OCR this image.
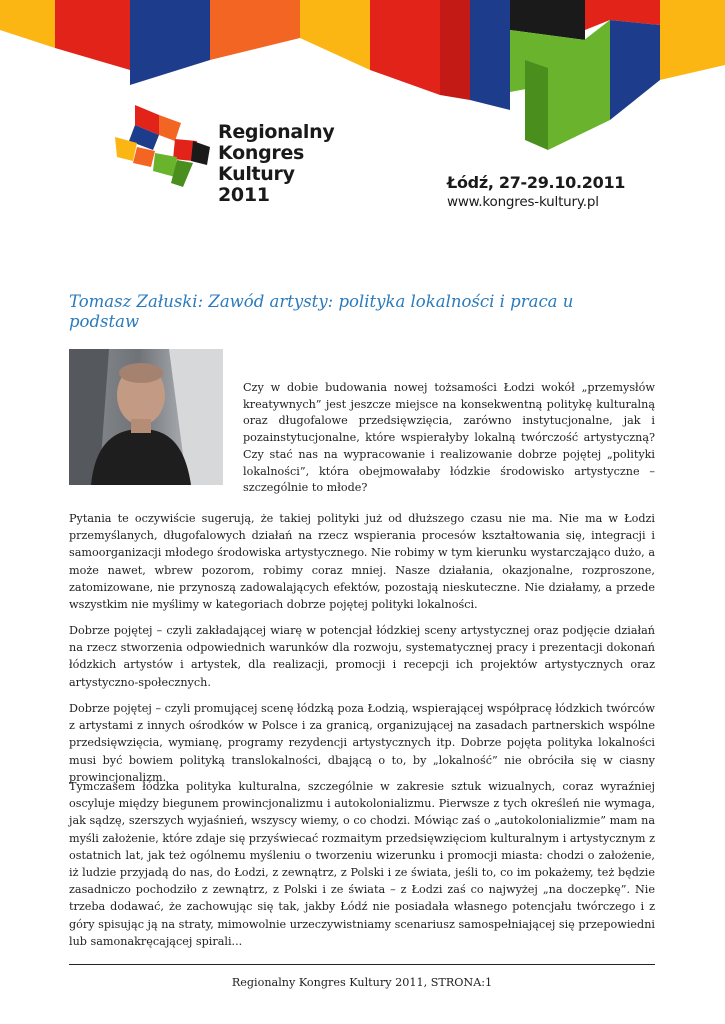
Regionalny
Kongres
Kultury
2011
Łódź, 27-29.10.2011
www.kongres-kultury.pl
Tomasz Załuski: Zawód artysty: polityka lokalności i praca u podstaw

Czy w dobie budowania nowej tożsamości Łodzi wokół „przemysłów kreatywnych” jest jeszcze miejsce na konsekwentną politykę kulturalną oraz długofalowe przedsięwzięcia, zarówno instytucjonalne, jak i pozainstytucjonalne, które wspierałyby lokalną twórczość artystyczną? Czy stać nas na wypracowanie i realizowanie dobrze pojętej „polityki lokalności”, która obejmowałaby łódzkie środowisko artystyczne – szczególnie to młode?

Pytania te oczywiście sugerują, że takiej polityki już od dłuższego czasu nie ma. Nie ma w Łodzi przemyślanych, długofalowych działań na rzecz wspierania procesów kształtowania się, integracji i samoorganizacji młodego środowiska artystycznego. Nie robimy w tym kierunku wystarczająco dużo, a może nawet, wbrew pozorom, robimy coraz mniej. Nasze działania, okazjonalne, rozproszone, zatomizowane, nie przynoszą zadowalających efektów, pozostają nieskuteczne. Nie działamy, a przede wszystkim nie myślimy w kategoriach dobrze pojętej polityki lokalności.

Dobrze pojętej – czyli zakładającej wiarę w potencjał łódzkiej sceny artystycznej oraz podjęcie działań na rzecz stworzenia odpowiednich warunków dla rozwoju, systematycznej pracy i prezentacji dokonań łódzkich artystów i artystek, dla realizacji, promocji i recepcji ich projektów artystycznych oraz artystyczno-społecznych.

Dobrze pojętej – czyli promującej scenę łódzką poza Łodzią, wspierającej współpracę łódzkich twórców z artystami z innych ośrodków w Polsce i za granicą, organizującej na zasadach partnerskich wspólne przedsięwzięcia, wymianę, programy rezydencji artystycznych itp. Dobrze pojęta polityka lokalności musi być bowiem polityką translokalności, dbającą o to, by „lokalność” nie obróciła się w ciasny prowincjonalizm.

Tymczasem łódzka polityka kulturalna, szczególnie w zakresie sztuk wizualnych, coraz wyraźniej oscyluje między biegunem prowincjonalizmu i autokolonializmu. Pierwsze z tych określeń nie wymaga, jak sądzę, szerszych wyjaśnień, wszyscy wiemy, o co chodzi. Mówiąc zaś o „autokolonializmie” mam na myśli założenie, które zdaje się przyświecać rozmaitym przedsięwzięciom kulturalnym i artystycznym z ostatnich lat, jak też ogólnemu myśleniu o tworzeniu wizerunku i promocji miasta: chodzi o założenie, iż ludzie przyjadą do nas, do Łodzi, z zewnątrz, z Polski i ze świata, jeśli to, co im pokażemy, też będzie zasadniczo pochodziło z zewnątrz, z Polski i ze świata – z Łodzi zaś co najwyżej „na doczepkę”. Nie trzeba dodawać, że zachowując się tak, jakby Łódź nie posiadała własnego potencjału twórczego i z góry spisując ją na straty, mimowolnie urzeczywistniamy scenariusz samospełniającej się przepowiedni lub samonakręcającej spirali...

Regionalny Kongres Kultury 2011, STRONA:1
